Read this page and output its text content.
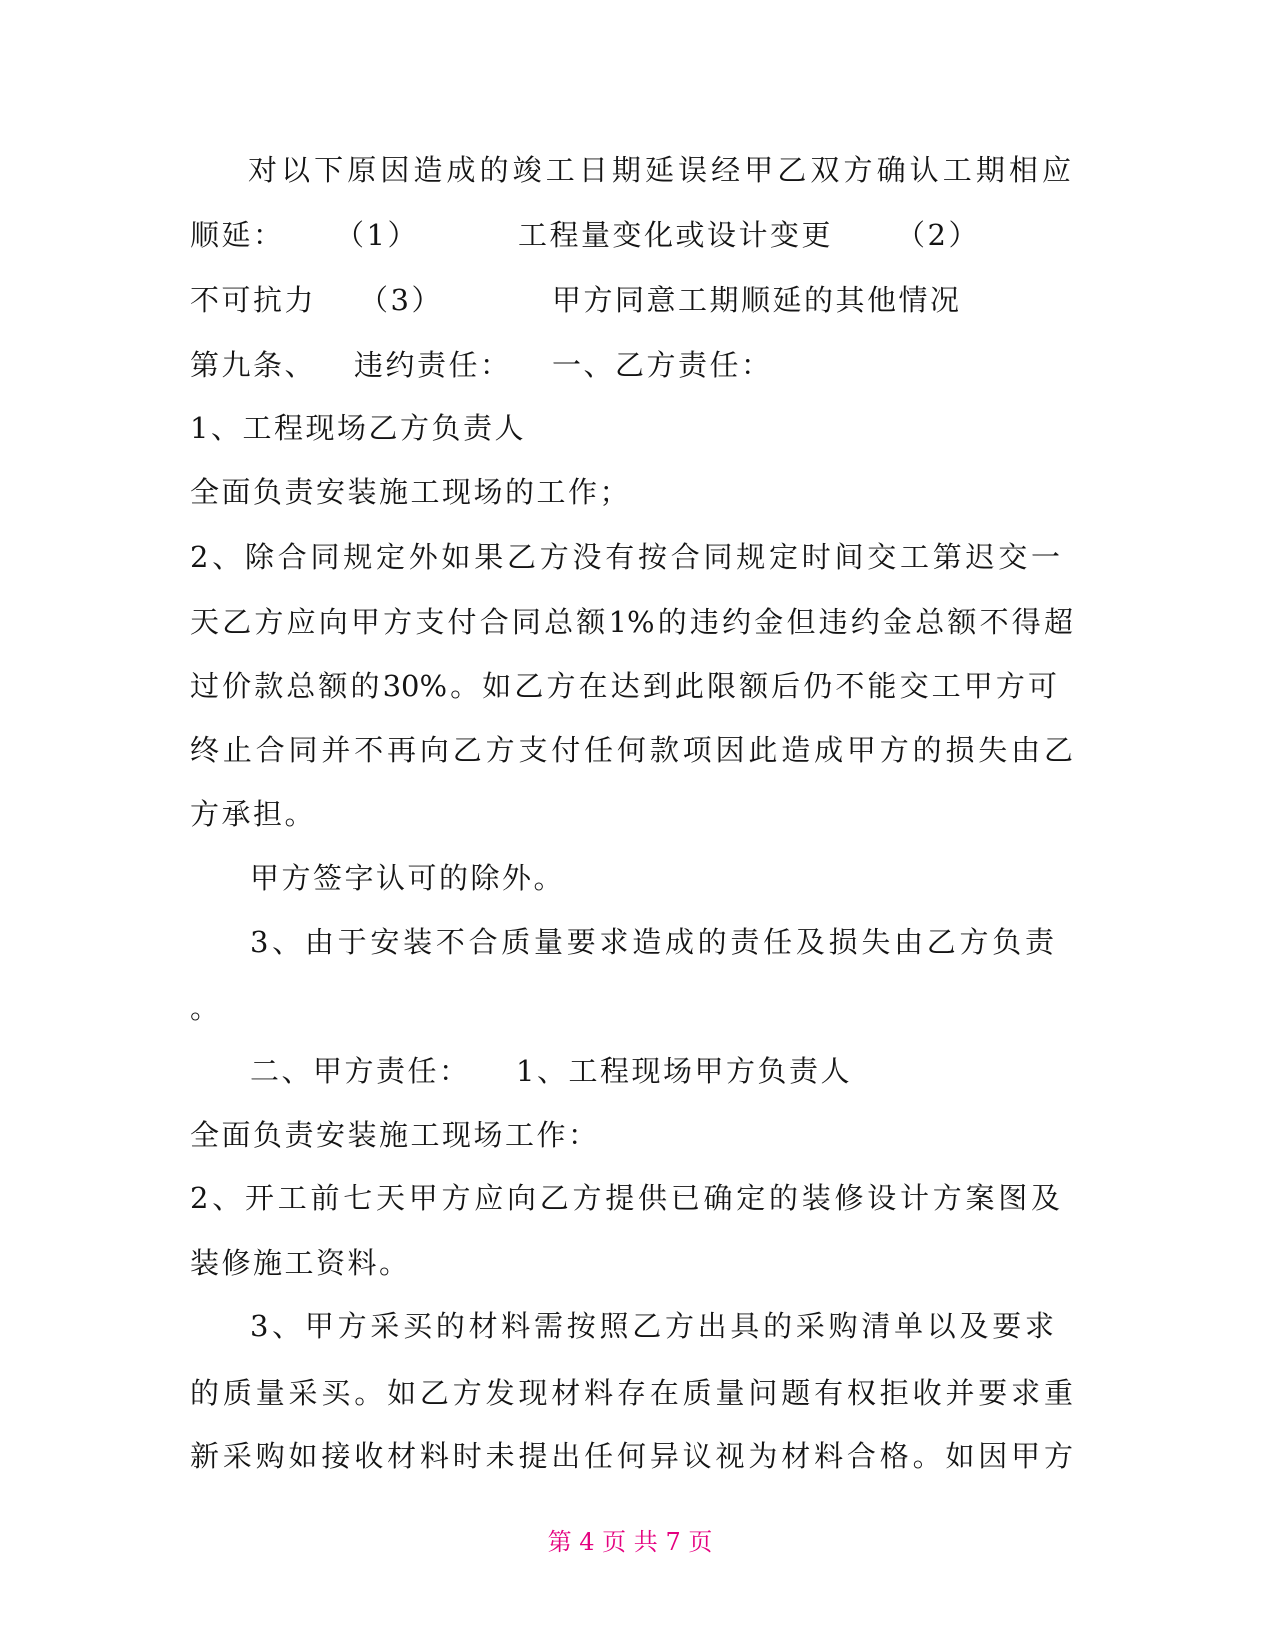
对以下原因造成的竣工日期延误经甲乙双方确认工期相应
顺延： （1）	工程量变化或设计变更 （2）
不可抗力 （3）	甲方同意工期顺延的其他情况
第九条、 违约责任： 一、乙方责任：
1、工程现场乙方负责人
全面负责安装施工现场的工作；
2、除合同规定外如果乙方没有按合同规定时间交工第迟交一
天乙方应向甲方支付合同总额1%的违约金但违约金总额不得超
过价款总额的30%。如乙方在达到此限额后仍不能交工甲方可
终止合同并不再向乙方支付任何款项因此造成甲方的损失由乙
方承担。
甲方签字认可的除外。
3、由于安装不合质量要求造成的责任及损失由乙方负责
。
二、甲方责任： 1、工程现场甲方负责人
全面负责安装施工现场工作：
2、开工前七天甲方应向乙方提供已确定的装修设计方案图及
装修施工资料。
3、甲方采买的材料需按照乙方出具的采购清单以及要求
的质量采买。如乙方发现材料存在质量问题有权拒收并要求重
新采购如接收材料时未提出任何异议视为材料合格。如因甲方
第 4 页 共 7 页
